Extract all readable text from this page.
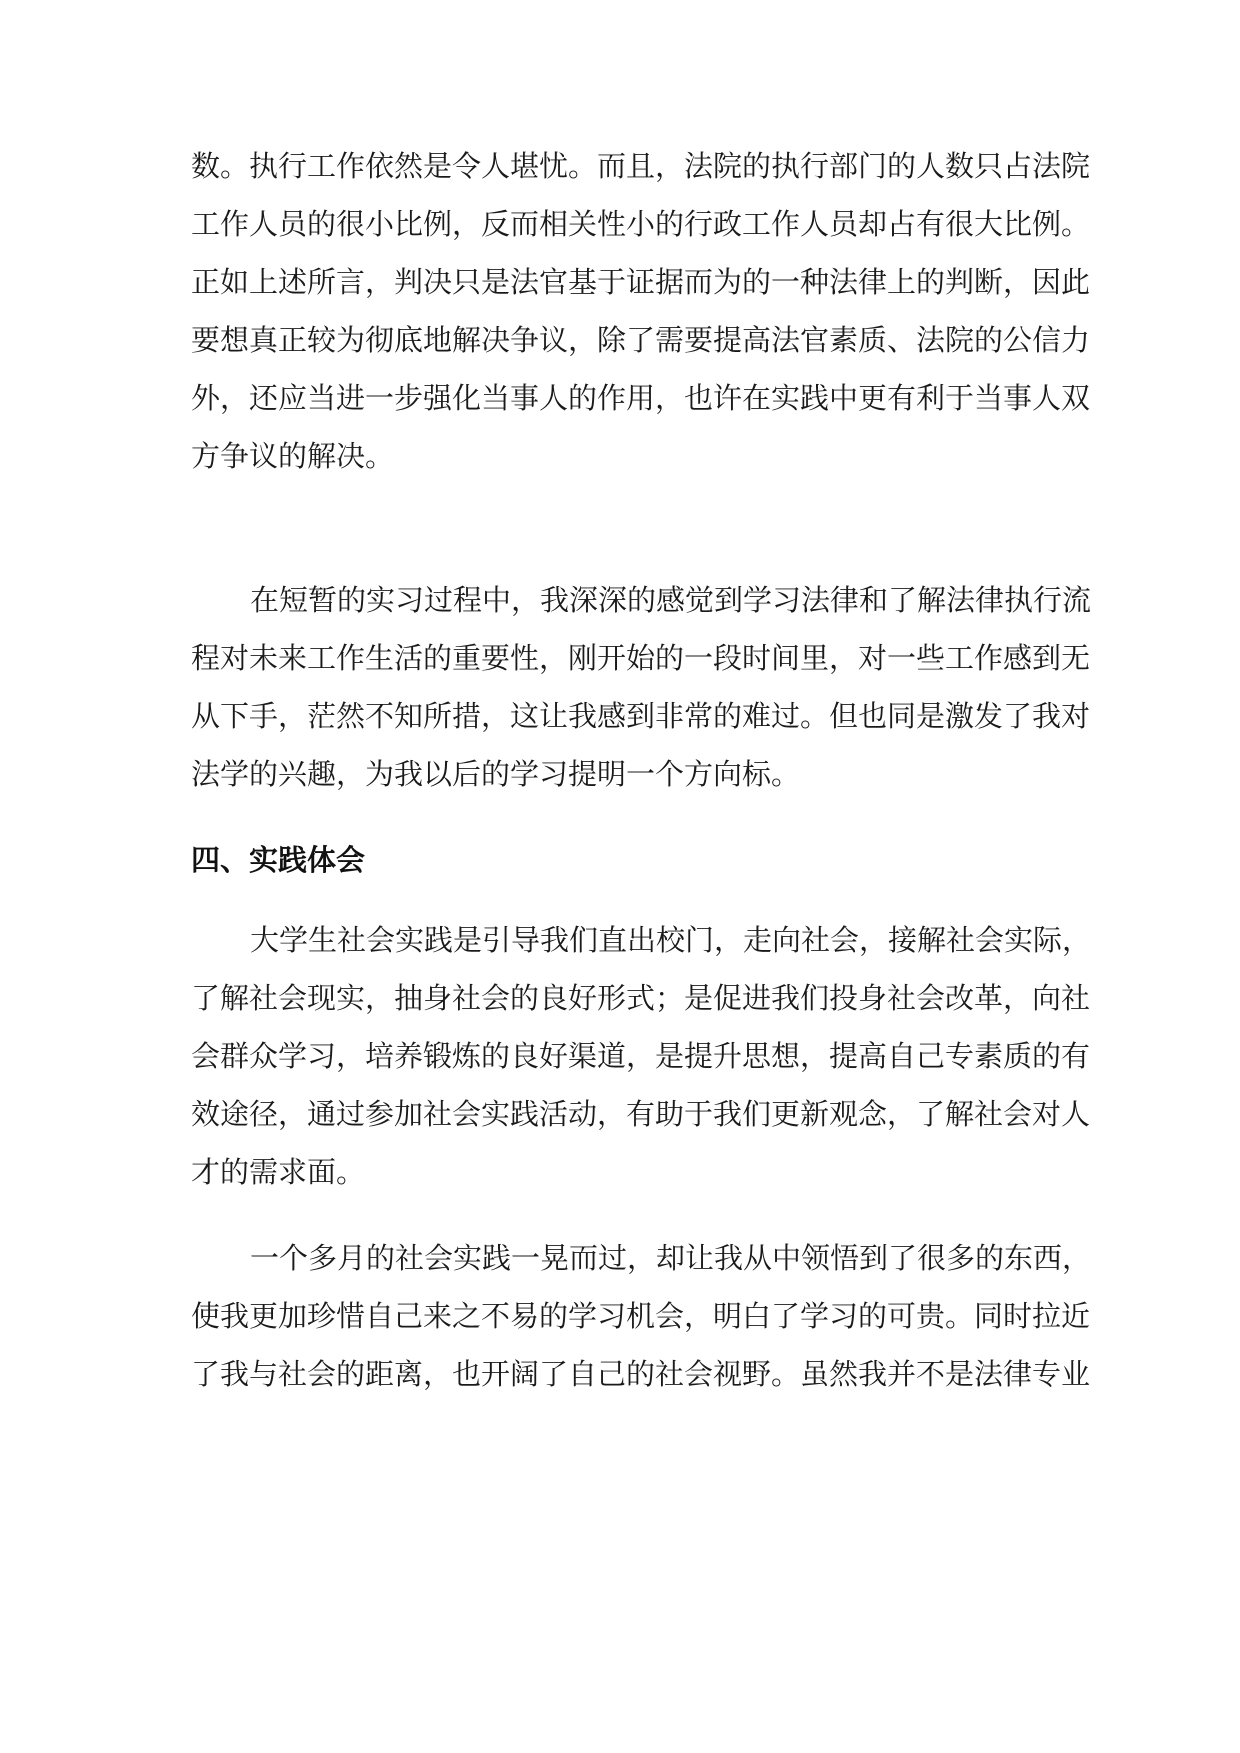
数。执行工作依然是令人堪忧。而且，法院的执行部门的人数只占法院
工作人员的很小比例，反而相关性小的行政工作人员却占有很大比例。
正如上述所言，判决只是法官基于证据而为的一种法律上的判断，因此
要想真正较为彻底地解决争议，除了需要提高法官素质、法院的公信力
外，还应当进一步强化当事人的作用，也许在实践中更有利于当事人双
方争议的解决。
在短暂的实习过程中，我深深的感觉到学习法律和了解法律执行流
程对未来工作生活的重要性，刚开始的一段时间里，对一些工作感到无
从下手，茫然不知所措，这让我感到非常的难过。但也同是激发了我对
法学的兴趣，为我以后的学习提明一个方向标。
四、实践体会
大学生社会实践是引导我们直出校门，走向社会，接解社会实际，
了解社会现实，抽身社会的良好形式；是促进我们投身社会改革，向社
会群众学习，培养锻炼的良好渠道，是提升思想，提高自己专素质的有
效途径，通过参加社会实践活动，有助于我们更新观念，了解社会对人
才的需求面。
一个多月的社会实践一晃而过，却让我从中领悟到了很多的东西，
使我更加珍惜自己来之不易的学习机会，明白了学习的可贵。同时拉近
了我与社会的距离，也开阔了自己的社会视野。虽然我并不是法律专业
